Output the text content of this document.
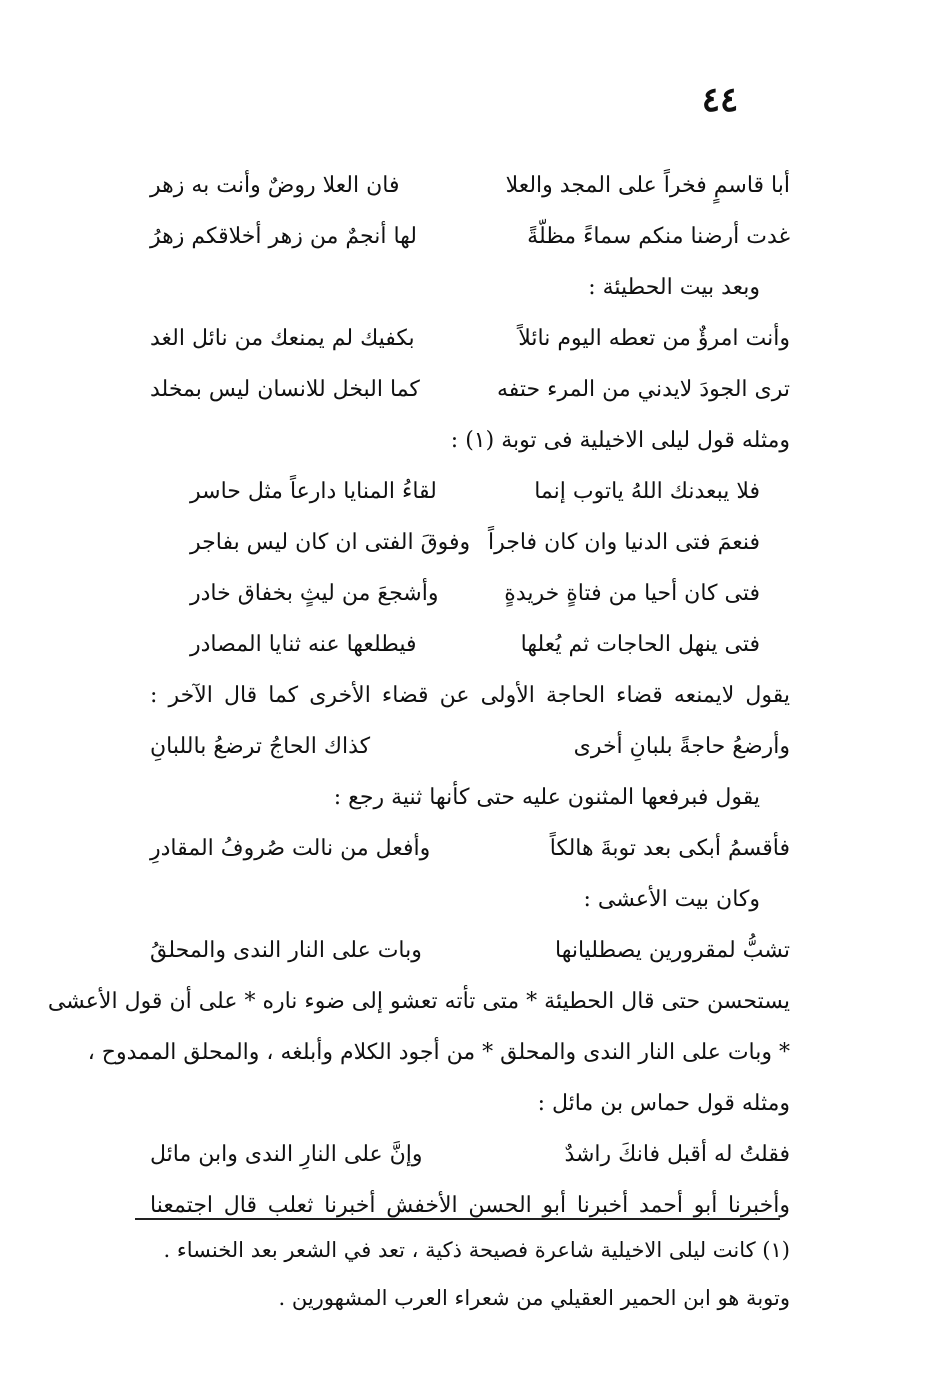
٤٤
أبا قاسمٍ فخراً على المجد والعلا
فان العلا روضٌ وأنت به زهر
غدت أرضنا منكم سماءً مظلّةً
لها أنجمٌ من زهر أخلاقكم زهرُ
وبعد بيت الحطيئة :
وأنت امرؤٌ من تعطه اليوم نائلاً
بكفيك لم يمنعك من نائل الغد
ترى الجودَ لايدني من المرء حتفه
كما البخل للانسان ليس بمخلد
ومثله قول ليلى الاخيلية فى توبة (١) :
فلا يبعدنك اللهُ ياتوب إنما
لقاءُ المنايا دارعاً مثل حاسر
فنعمَ فتى الدنيا وان كان فاجراً
وفوقَ الفتى ان كان ليس بفاجر
فتى كان أحيا من فتاةٍ خريدةٍ
وأشجعَ من ليثٍ بخفاق خادر
فتى ينهل الحاجات ثم يُعلها
فيطلعها عنه ثنايا المصادر
يقول لايمنعه قضاء الحاجة الأولى عن قضاء الأخرى كما قال الآخر :
وأرضعُ حاجةً بلبانِ أخرى
كذاك الحاجُ ترضعُ باللبانِ
يقول فبرفعها المثنون عليه حتى كأنها ثنية رجع :
فأقسمُ أبكى بعد توبةَ هالكاً
وأفعل من نالت صُروفُ المقادرِ
وكان بيت الأعشى :
تشبُّ لمقرورين يصطليانها
وبات على النار الندى والمحلقُ
يستحسن حتى قال الحطيئة * متى تأته تعشو إلى ضوء ناره * على أن قول الأعشى
* وبات على النار الندى والمحلق * من أجود الكلام وأبلغه ، والمحلق الممدوح ،
ومثله قول حماس بن مائل :
فقلتُ له أقبل فانكَ راشدٌ
وإنَّ على النارِ الندى وابن مائل
وأخبرنا أبو أحمد أخبرنا أبو الحسن الأخفش أخبرنا ثعلب قال اجتمعنا
(١) كانت ليلى الاخيلية شاعرة فصيحة ذكية ، تعد في الشعر بعد الخنساء .
وتوبة هو ابن الحمير العقيلي من شعراء العرب المشهورين .
